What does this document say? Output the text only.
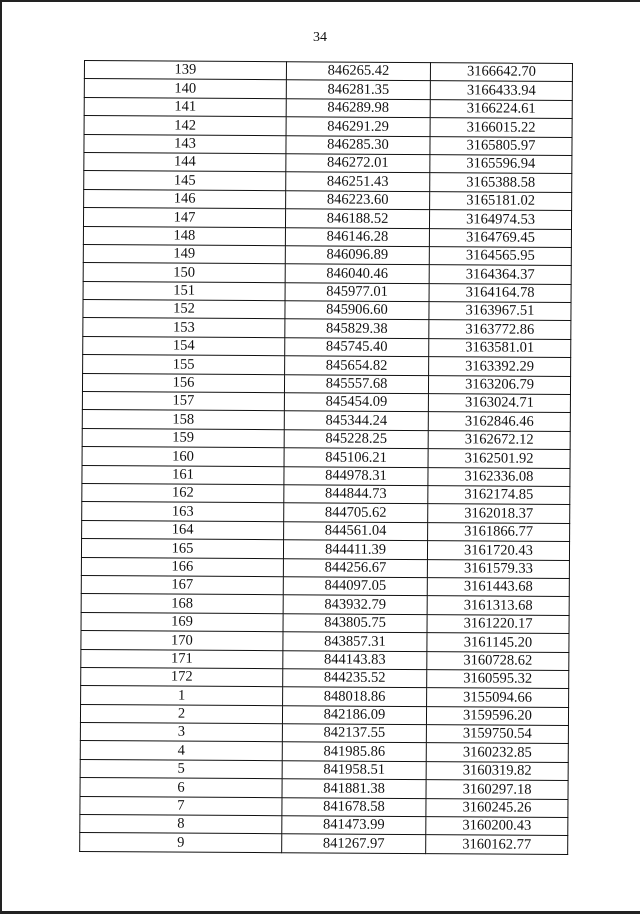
34
139	846265.42	3166642.70
140	846281.35	3166433.94
141	846289.98	3166224.61
142	846291.29	3166015.22
143	846285.30	3165805.97
144	846272.01	3165596.94
145	846251.43	3165388.58
146	846223.60	3165181.02
147	846188.52	3164974.53
148	846146.28	3164769.45
149	846096.89	3164565.95
150	846040.46	3164364.37
151	845977.01	3164164.78
152	845906.60	3163967.51
153	845829.38	3163772.86
154	845745.40	3163581.01
155	845654.82	3163392.29
156	845557.68	3163206.79
157	845454.09	3163024.71
158	845344.24	3162846.46
159	845228.25	3162672.12
160	845106.21	3162501.92
161	844978.31	3162336.08
162	844844.73	3162174.85
163	844705.62	3162018.37
164	844561.04	3161866.77
165	844411.39	3161720.43
166	844256.67	3161579.33
167	844097.05	3161443.68
168	843932.79	3161313.68
169	843805.75	3161220.17
170	843857.31	3161145.20
171	844143.83	3160728.62
172	844235.52	3160595.32
1	848018.86	3155094.66
2	842186.09	3159596.20
3	842137.55	3159750.54
4	841985.86	3160232.85
5	841958.51	3160319.82
6	841881.38	3160297.18
7	841678.58	3160245.26
8	841473.99	3160200.43
9	841267.97	3160162.77
